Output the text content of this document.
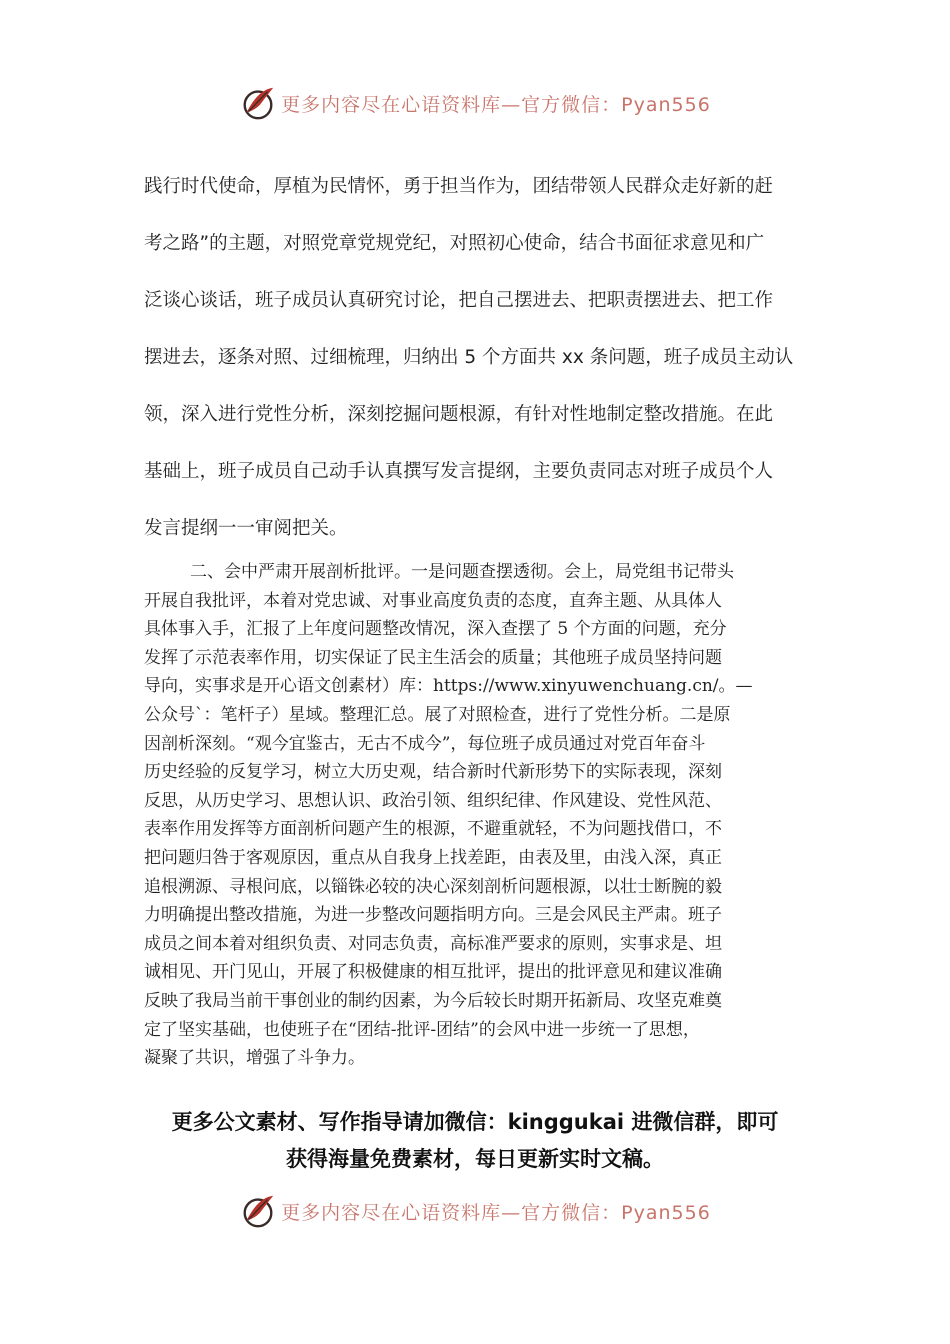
更多内容尽在心语资料库—官方微信：Pyan556
践行时代使命，厚植为民情怀，勇于担当作为，团结带领人民群众走好新的赶
考之路”的主题，对照党章党规党纪，对照初心使命，结合书面征求意见和广
泛谈心谈话，班子成员认真研究讨论，把自己摆进去、把职责摆进去、把工作
摆进去，逐条对照、过细梳理，归纳出 5 个方面共 xx 条问题，班子成员主动认
领，深入进行党性分析，深刻挖掘问题根源，有针对性地制定整改措施。在此
基础上，班子成员自己动手认真撰写发言提纲，主要负责同志对班子成员个人
发言提纲一一审阅把关。
二、会中严肃开展剖析批评。一是问题查摆透彻。会上，局党组书记带头
开展自我批评，本着对党忠诚、对事业高度负责的态度，直奔主题、从具体人
具体事入手，汇报了上年度问题整改情况，深入查摆了 5 个方面的问题，充分
发挥了示范表率作用，切实保证了民主生活会的质量；其他班子成员坚持问题
导向，实事求是开心语文创素材）库：https://www.xinyuwenchuang.cn/。—
公众号`：笔杆子）星域。整理汇总。展了对照检查，进行了党性分析。二是原
因剖析深刻。“观今宜鉴古，无古不成今”，每位班子成员通过对党百年奋斗
历史经验的反复学习，树立大历史观，结合新时代新形势下的实际表现，深刻
反思，从历史学习、思想认识、政治引领、组织纪律、作风建设、党性风范、
表率作用发挥等方面剖析问题产生的根源，不避重就轻，不为问题找借口，不
把问题归咎于客观原因，重点从自我身上找差距，由表及里，由浅入深，真正
追根溯源、寻根问底，以锱铢必较的决心深刻剖析问题根源，以壮士断腕的毅
力明确提出整改措施，为进一步整改问题指明方向。三是会风民主严肃。班子
成员之间本着对组织负责、对同志负责，高标准严要求的原则，实事求是、坦
诚相见、开门见山，开展了积极健康的相互批评，提出的批评意见和建议准确
反映了我局当前干事创业的制约因素，为今后较长时期开拓新局、攻坚克难奠
定了坚实基础，也使班子在“团结-批评-团结”的会风中进一步统一了思想，
凝聚了共识，增强了斗争力。
更多公文素材、写作指导请加微信：kinggukai 进微信群，即可
获得海量免费素材，每日更新实时文稿。
更多内容尽在心语资料库—官方微信：Pyan556
